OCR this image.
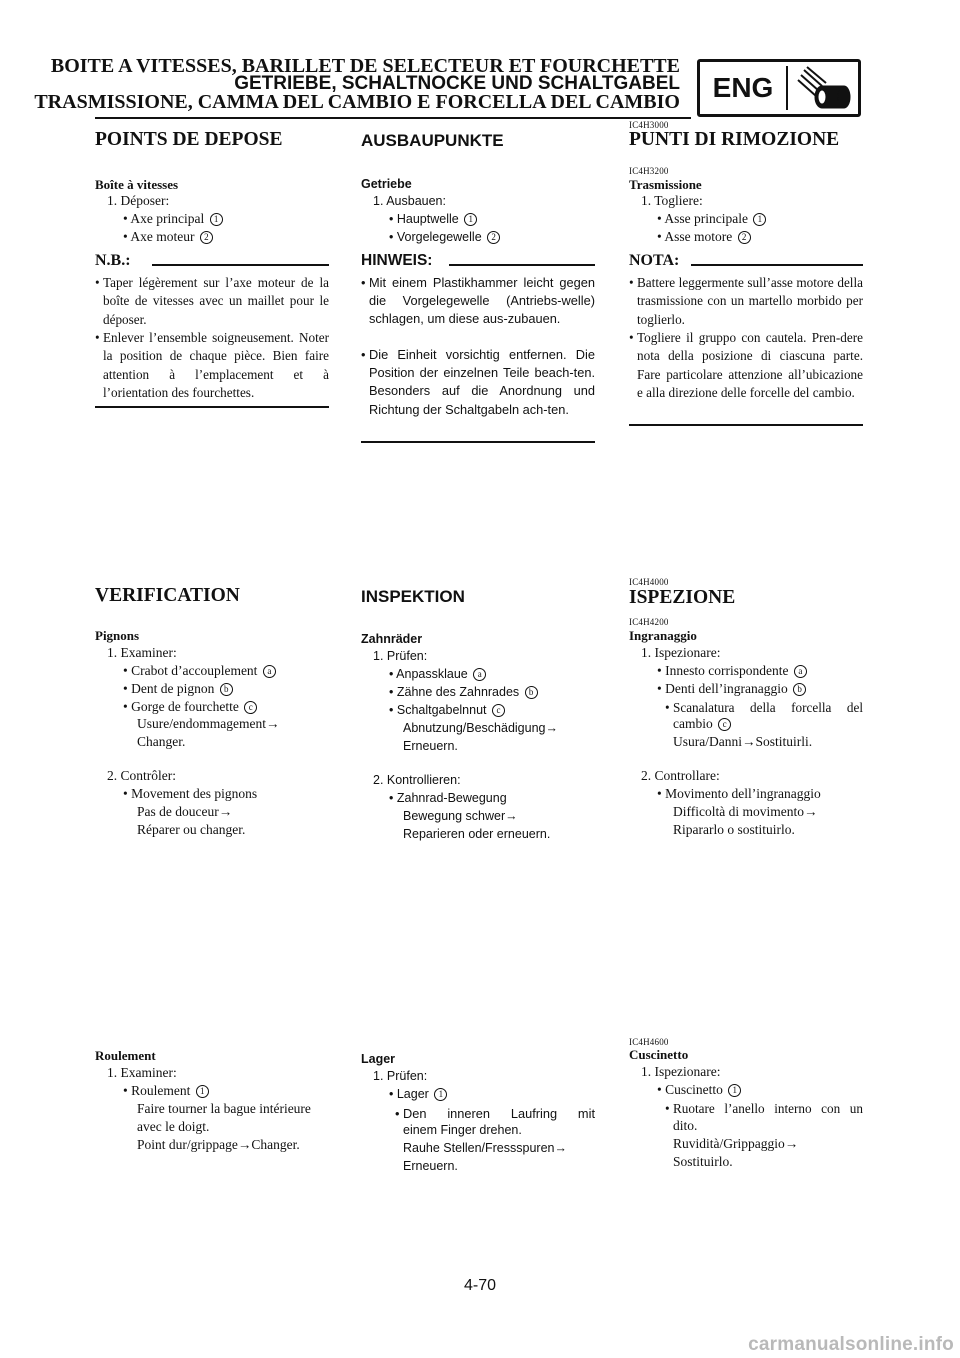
BOITE A VITESSES, BARILLET DE SELECTEUR ET FOURCHETTE
GETRIEBE, SCHALTNOCKE UND SCHALTGABEL
TRASMISSIONE, CAMMA DEL CAMBIO E FORCELLA DEL CAMBIO	ENG
POINTS DE DEPOSE
Boîte à vitesses
1. Déposer:
• Axe principal 1
• Axe moteur 2
N.B.:
• Taper légèrement sur l’axe moteur de la boîte de vitesses avec un maillet pour le déposer.
• Enlever l’ensemble soigneusement. Noter la position de chaque pièce. Bien faire attention à l’emplacement et à l’orientation des fourchettes.
VERIFICATION
Pignons
1. Examiner:
• Crabot d’accouplement a
• Dent de pignon b
• Gorge de fourchette c
Usure/endommagement→
Changer.
2. Contrôler:
• Movement des pignons
Pas de douceur→
Réparer ou changer.
Roulement
1. Examiner:
• Roulement 1
Faire tourner la bague intérieure
avec le doigt.
Point dur/grippage→Changer.
AUSBAUPUNKTE
Getriebe
1. Ausbauen:
• Hauptwelle 1
• Vorgelegewelle 2
HINWEIS:
• Mit einem Plastikhammer leicht gegen die Vorgelegewelle (Antriebs-welle) schlagen, um diese aus-zubauen.
• Die Einheit vorsichtig entfernen. Die Position der einzelnen Teile beach-ten. Besonders auf die Anordnung und Richtung der Schaltgabeln ach-ten.
INSPEKTION
Zahnräder
1. Prüfen:
• Anpassklaue a
• Zähne des Zahnrades b
• Schaltgabelnnut c
Abnutzung/Beschädigung→
Erneuern.
2. Kontrollieren:
• Zahnrad-Bewegung
Bewegung schwer→
Reparieren oder erneuern.
Lager
1. Prüfen:
• Lager 1
• Den inneren Laufring mit
einem Finger drehen.
Rauhe Stellen/Fressspuren→
Erneuern.
IC4H3000
PUNTI DI RIMOZIONE
IC4H3200
Trasmissione
1. Togliere:
• Asse principale 1
• Asse motore 2
NOTA:
• Battere leggermente sull’asse motore della trasmissione con un martello morbido per toglierlo.
• Togliere il gruppo con cautela. Pren-dere nota della posizione di ciascuna parte. Fare particolare attenzione all’ubicazione e alla direzione delle forcelle del cambio.
IC4H4000
ISPEZIONE
IC4H4200
Ingranaggio
1. Ispezionare:
• Innesto corrispondente a
• Denti dell’ingranaggio b
• Scanalatura della forcella del
cambio c
Usura/Danni→Sostituirli.
2. Controllare:
• Movimento dell’ingranaggio
Difficoltà di movimento→
Ripararlo o sostituirlo.
IC4H4600
Cuscinetto
1. Ispezionare:
• Cuscinetto 1
• Ruotare l’anello interno con un
dito.
Ruvidità/Grippaggio→
Sostituirlo.
4-70
carmanualsonline.info
